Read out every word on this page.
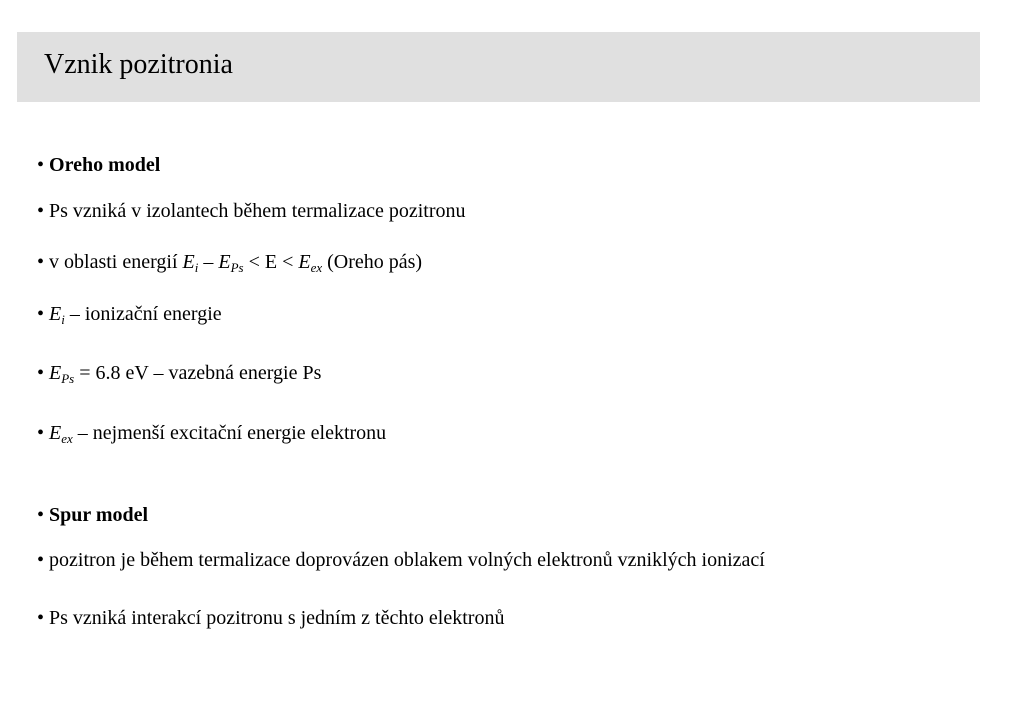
Vznik pozitronia
• Oreho model
• Ps vzniká v izolantech během termalizace pozitronu
• v oblasti energií $E_i - E_{Ps} < E < E_{ex}$ (Oreho pás)
• $E_i$ – ionizační energie
• $E_{Ps} = 6.8$ eV – vazebná energie Ps
• $E_{ex}$ – nejmenší excitační energie elektronu
• Spur model
• pozitron je během termalizace doprovázen oblakem volných elektronů vzniklých ionizací
• Ps vzniká interakcí pozitronu s jedním z těchto elektronů
